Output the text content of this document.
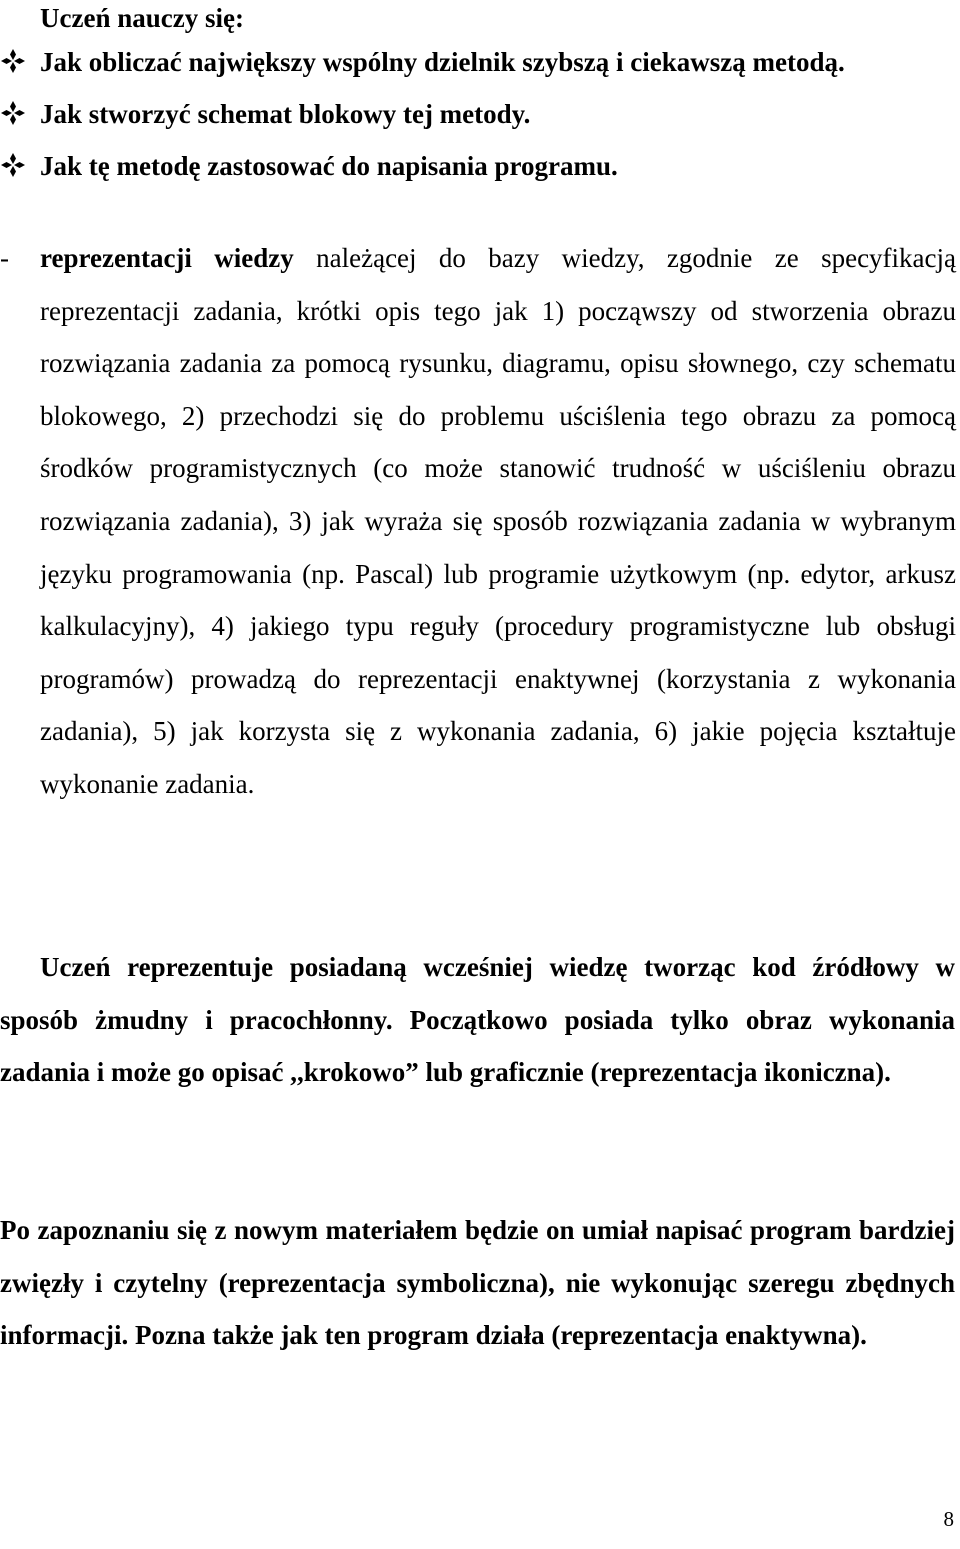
Uczeń nauczy się:

Jak obliczać największy wspólny dzielnik szybszą i ciekawszą metodą.
Jak stworzyć schemat blokowy tej metody.
Jak tę metodę zastosować do napisania programu.
- reprezentacji wiedzy należącej do bazy wiedzy, zgodnie ze specyfikacją reprezentacji zadania, krótki opis tego jak 1) począwszy od stworzenia obrazu rozwiązania zadania za pomocą rysunku, diagramu, opisu słownego, czy schematu blokowego, 2) przechodzi się do problemu uściślenia tego obrazu za pomocą środków programistycznych (co może stanowić trudność w uściśleniu obrazu rozwiązania zadania), 3) jak wyraża się sposób rozwiązania zadania w wybranym języku programowania (np. Pascal) lub programie użytkowym (np. edytor, arkusz kalkulacyjny), 4) jakiego typu reguły (procedury programistyczne lub obsługi programów) prowadzą do reprezentacji enaktywnej (korzystania z wykonania zadania), 5) jak korzysta się z wykonania zadania, 6) jakie pojęcia kształtuje wykonanie zadania.

Uczeń reprezentuje posiadaną wcześniej wiedzę tworząc kod źródłowy w sposób żmudny i pracochłonny. Początkowo posiada tylko obraz wykonania zadania i może go opisać ,,krokowo” lub graficznie (reprezentacja ikoniczna).

Po zapoznaniu się z nowym materiałem będzie on umiał napisać program bardziej zwięzły i czytelny (reprezentacja symboliczna), nie wykonując szeregu zbędnych informacji. Pozna także jak ten program działa (reprezentacja enaktywna).

8
